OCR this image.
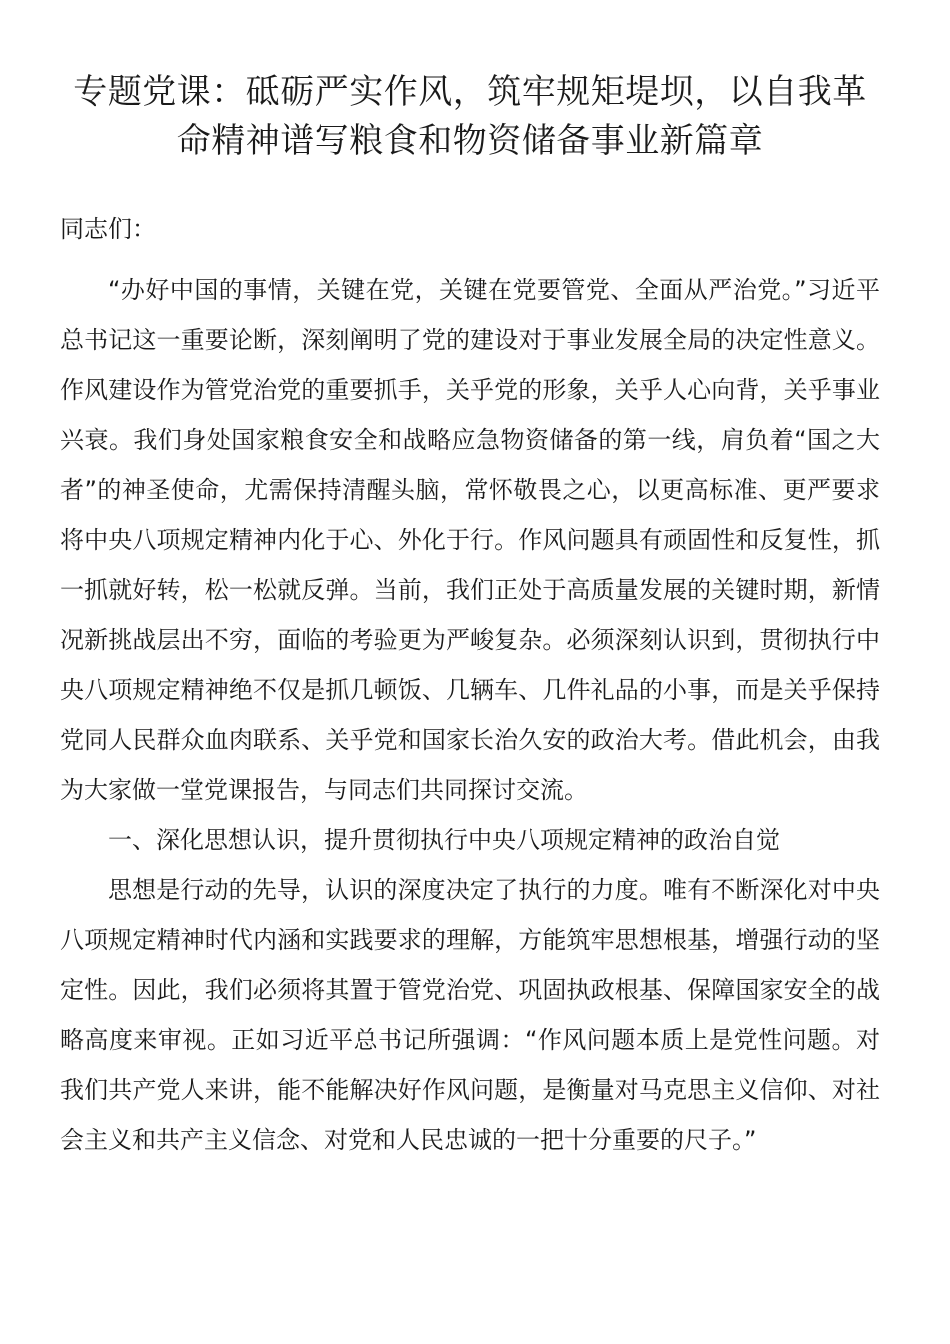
专题党课：砥砺严实作风，筑牢规矩堤坝，以自我革命精神谱写粮食和物资储备事业新篇章

同志们：

“办好中国的事情，关键在党，关键在党要管党、全面从严治党。”习近平总书记这一重要论断，深刻阐明了党的建设对于事业发展全局的决定性意义。作风建设作为管党治党的重要抓手，关乎党的形象，关乎人心向背，关乎事业兴衰。我们身处国家粮食安全和战略应急物资储备的第一线，肩负着“国之大者”的神圣使命，尤需保持清醒头脑，常怀敬畏之心，以更高标准、更严要求将中央八项规定精神内化于心、外化于行。作风问题具有顽固性和反复性，抓一抓就好转，松一松就反弹。当前，我们正处于高质量发展的关键时期，新情况新挑战层出不穷，面临的考验更为严峻复杂。必须深刻认识到，贯彻执行中央八项规定精神绝不仅是抓几顿饭、几辆车、几件礼品的小事，而是关乎保持党同人民群众血肉联系、关乎党和国家长治久安的政治大考。借此机会，由我为大家做一堂党课报告，与同志们共同探讨交流。

一、深化思想认识，提升贯彻执行中央八项规定精神的政治自觉

思想是行动的先导，认识的深度决定了执行的力度。唯有不断深化对中央八项规定精神时代内涵和实践要求的理解，方能筑牢思想根基，增强行动的坚定性。因此，我们必须将其置于管党治党、巩固执政根基、保障国家安全的战略高度来审视。正如习近平总书记所强调：“作风问题本质上是党性问题。对我们共产党人来讲，能不能解决好作风问题，是衡量对马克思主义信仰、对社会主义和共产主义信念、对党和人民忠诚的一把十分重要的尺子。”
